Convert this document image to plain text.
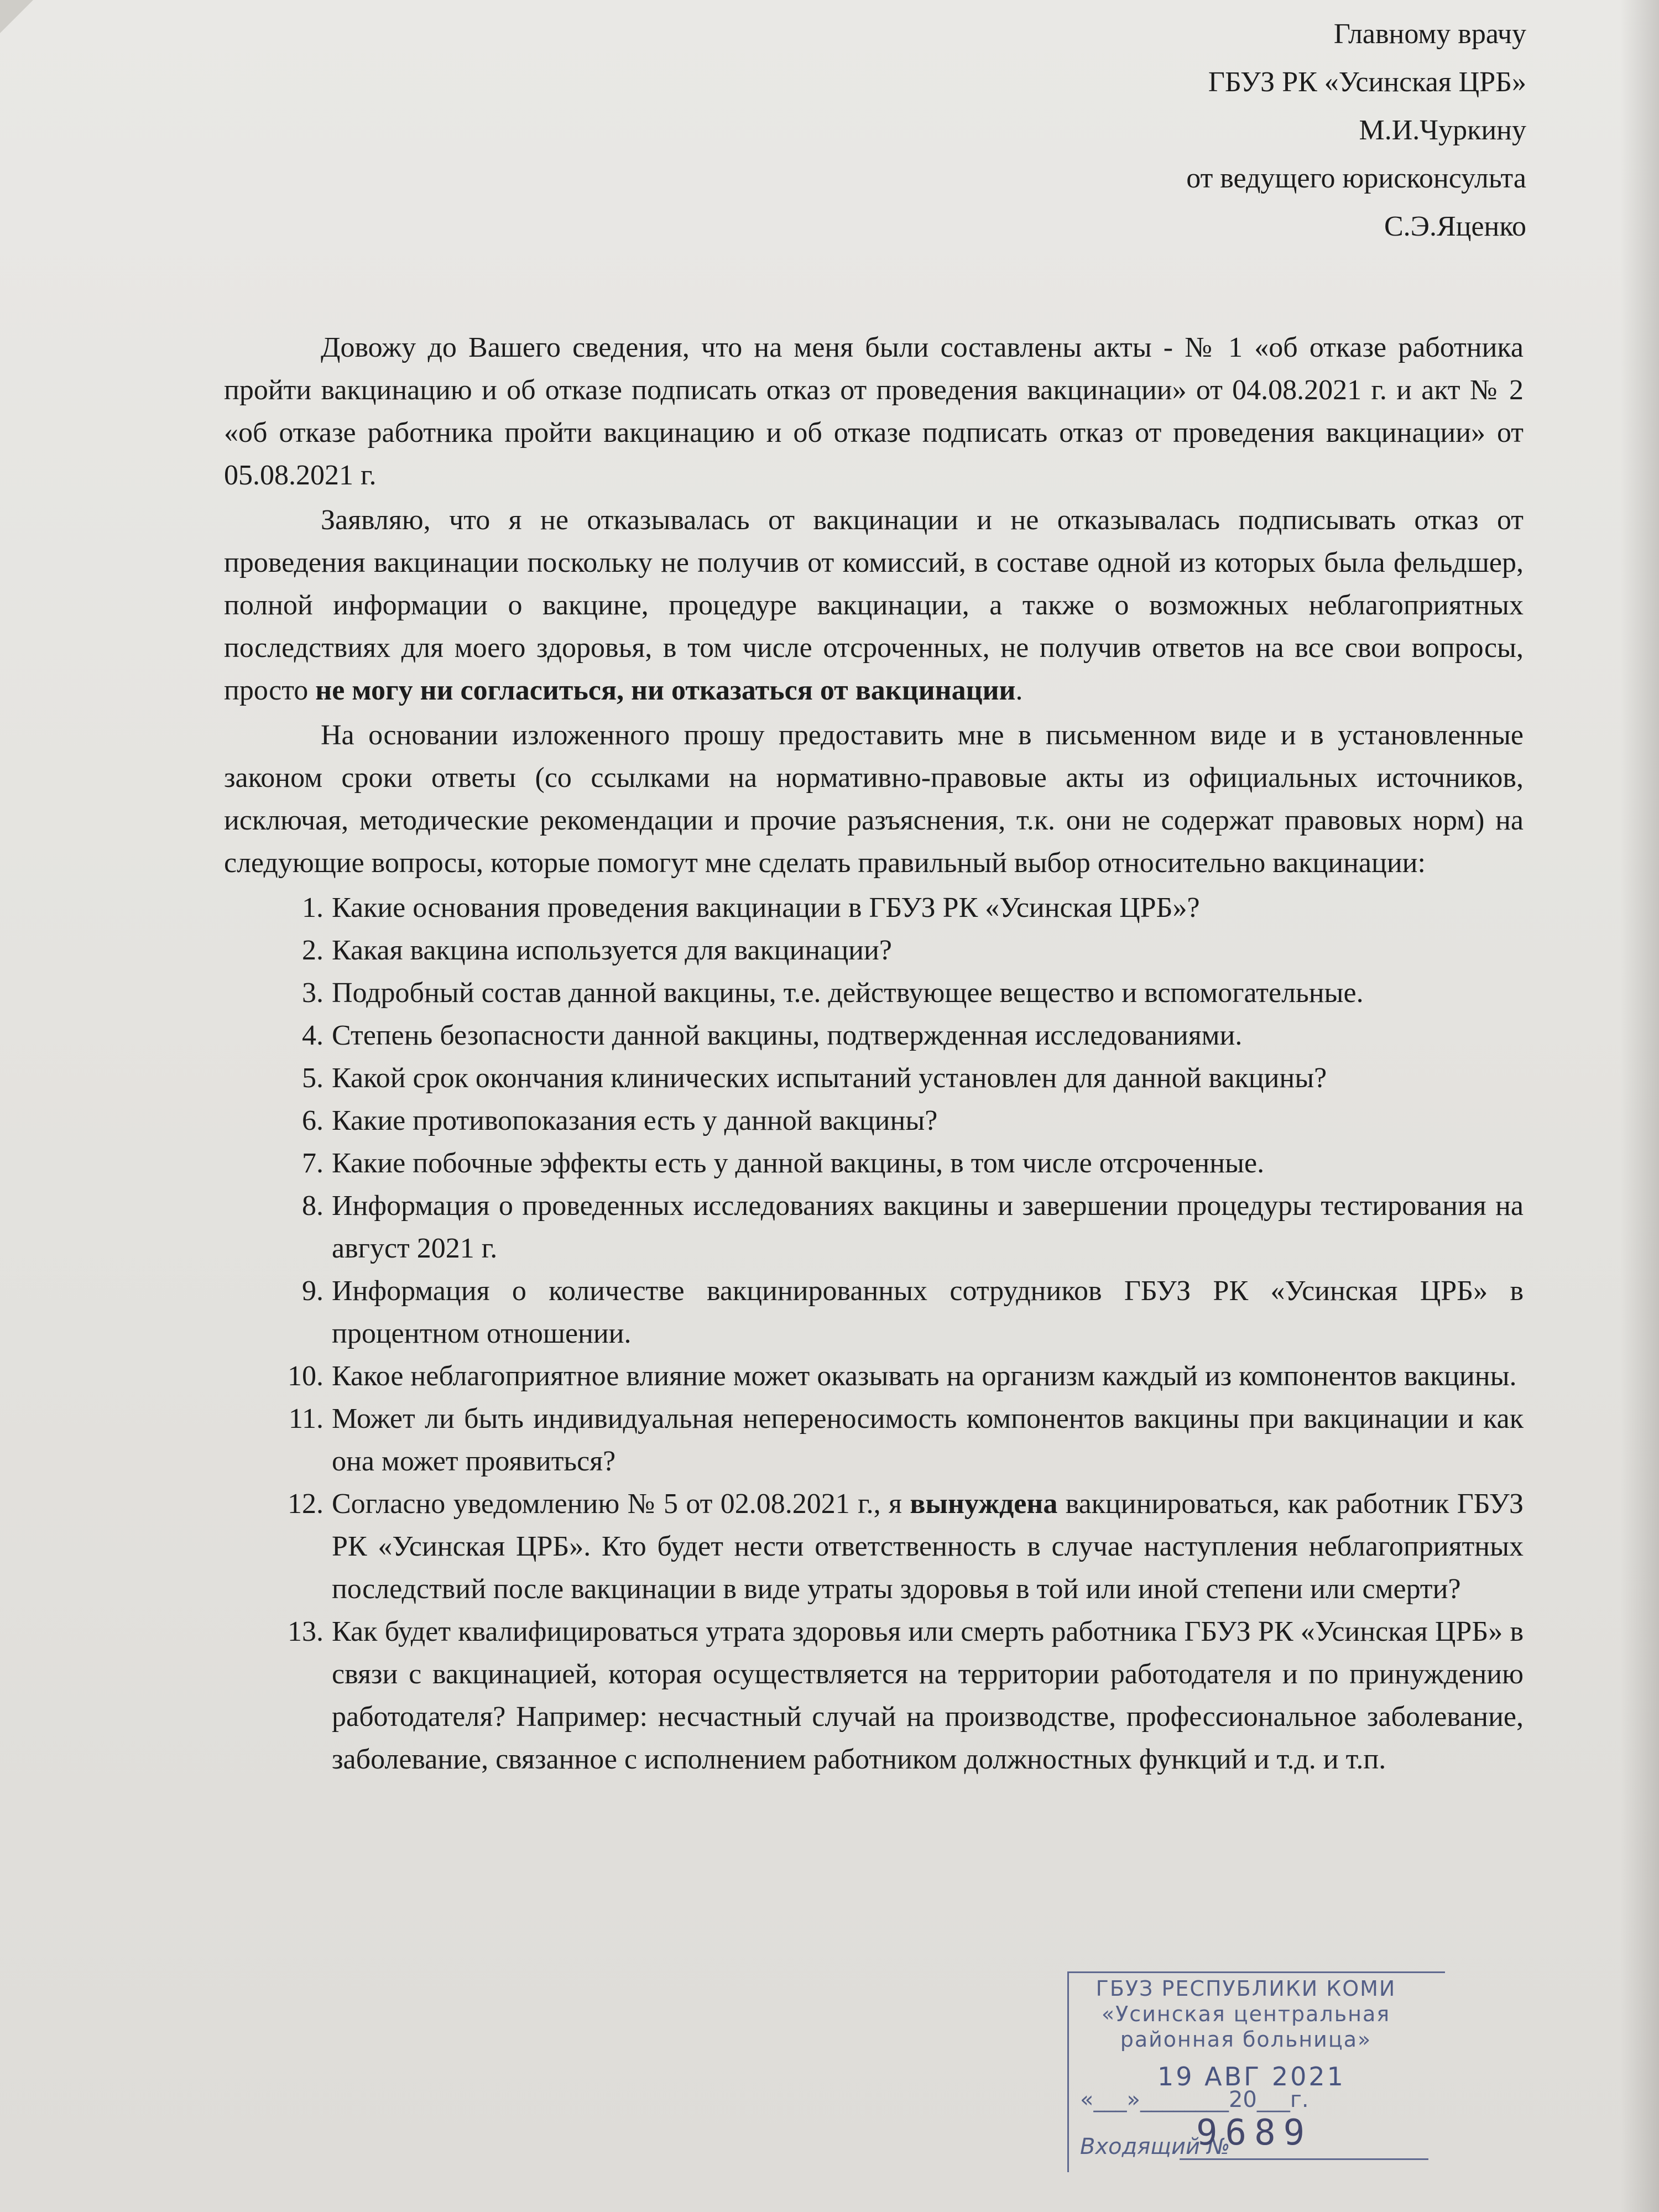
Главному врачу
ГБУЗ РК «Усинская ЦРБ»
М.И.Чуркину
от ведущего юрисконсульта
С.Э.Яценко

Довожу до Вашего сведения, что на меня были составлены акты - № 1 «об отказе работника пройти вакцинацию и об отказе подписать отказ от проведения вакцинации» от 04.08.2021 г. и акт № 2 «об отказе работника пройти вакцинацию и об отказе подписать отказ от проведения вакцинации» от 05.08.2021 г.

Заявляю, что я не отказывалась от вакцинации и не отказывалась подписывать отказ от проведения вакцинации поскольку не получив от комиссий, в составе одной из которых была фельдшер, полной информации о вакцине, процедуре вакцинации, а также о возможных неблагоприятных последствиях для моего здоровья, в том числе отсроченных, не получив ответов на все свои вопросы, просто не могу ни согласиться, ни отказаться от вакцинации.

На основании изложенного прошу предоставить мне в письменном виде и в установленные законом сроки ответы (со ссылками на нормативно-правовые акты из официальных источников, исключая, методические рекомендации и прочие разъяснения, т.к. они не содержат правовых норм) на следующие вопросы, которые помогут мне сделать правильный выбор относительно вакцинации:

1. Какие основания проведения вакцинации в ГБУЗ РК «Усинская ЦРБ»?
2. Какая вакцина используется для вакцинации?
3. Подробный состав данной вакцины, т.е. действующее вещество и вспомогательные.
4. Степень безопасности данной вакцины, подтвержденная исследованиями.
5. Какой срок окончания клинических испытаний установлен для данной вакцины?
6. Какие противопоказания есть у данной вакцины?
7. Какие побочные эффекты есть у данной вакцины, в том числе отсроченные.
8. Информация о проведенных исследованиях вакцины и завершении процедуры тестирования на август 2021 г.
9. Информация о количестве вакцинированных сотрудников ГБУЗ РК «Усинская ЦРБ» в процентном отношении.
10. Какое неблагоприятное влияние может оказывать на организм каждый из компонентов вакцины.
11. Может ли быть индивидуальная непереносимость компонентов вакцины при вакцинации и как она может проявиться?
12. Согласно уведомлению № 5 от 02.08.2021 г., я вынуждена вакцинироваться, как работник ГБУЗ РК «Усинская ЦРБ». Кто будет нести ответственность в случае наступления неблагоприятных последствий после вакцинации в виде утраты здоровья в той или иной степени или смерти?
13. Как будет квалифицироваться утрата здоровья или смерть работника ГБУЗ РК «Усинская ЦРБ» в связи с вакцинацией, которая осуществляется на территории работодателя и по принуждению работодателя? Например: несчастный случай на производстве, профессиональное заболевание, заболевание, связанное с исполнением работником должностных функций и т.д. и т.п.
ГБУЗ РЕСПУБЛИКИ КОМИ «Усинская центральная районная больница»
19 АВГ 2021
«___»________20___г.
Входящий №
9689
